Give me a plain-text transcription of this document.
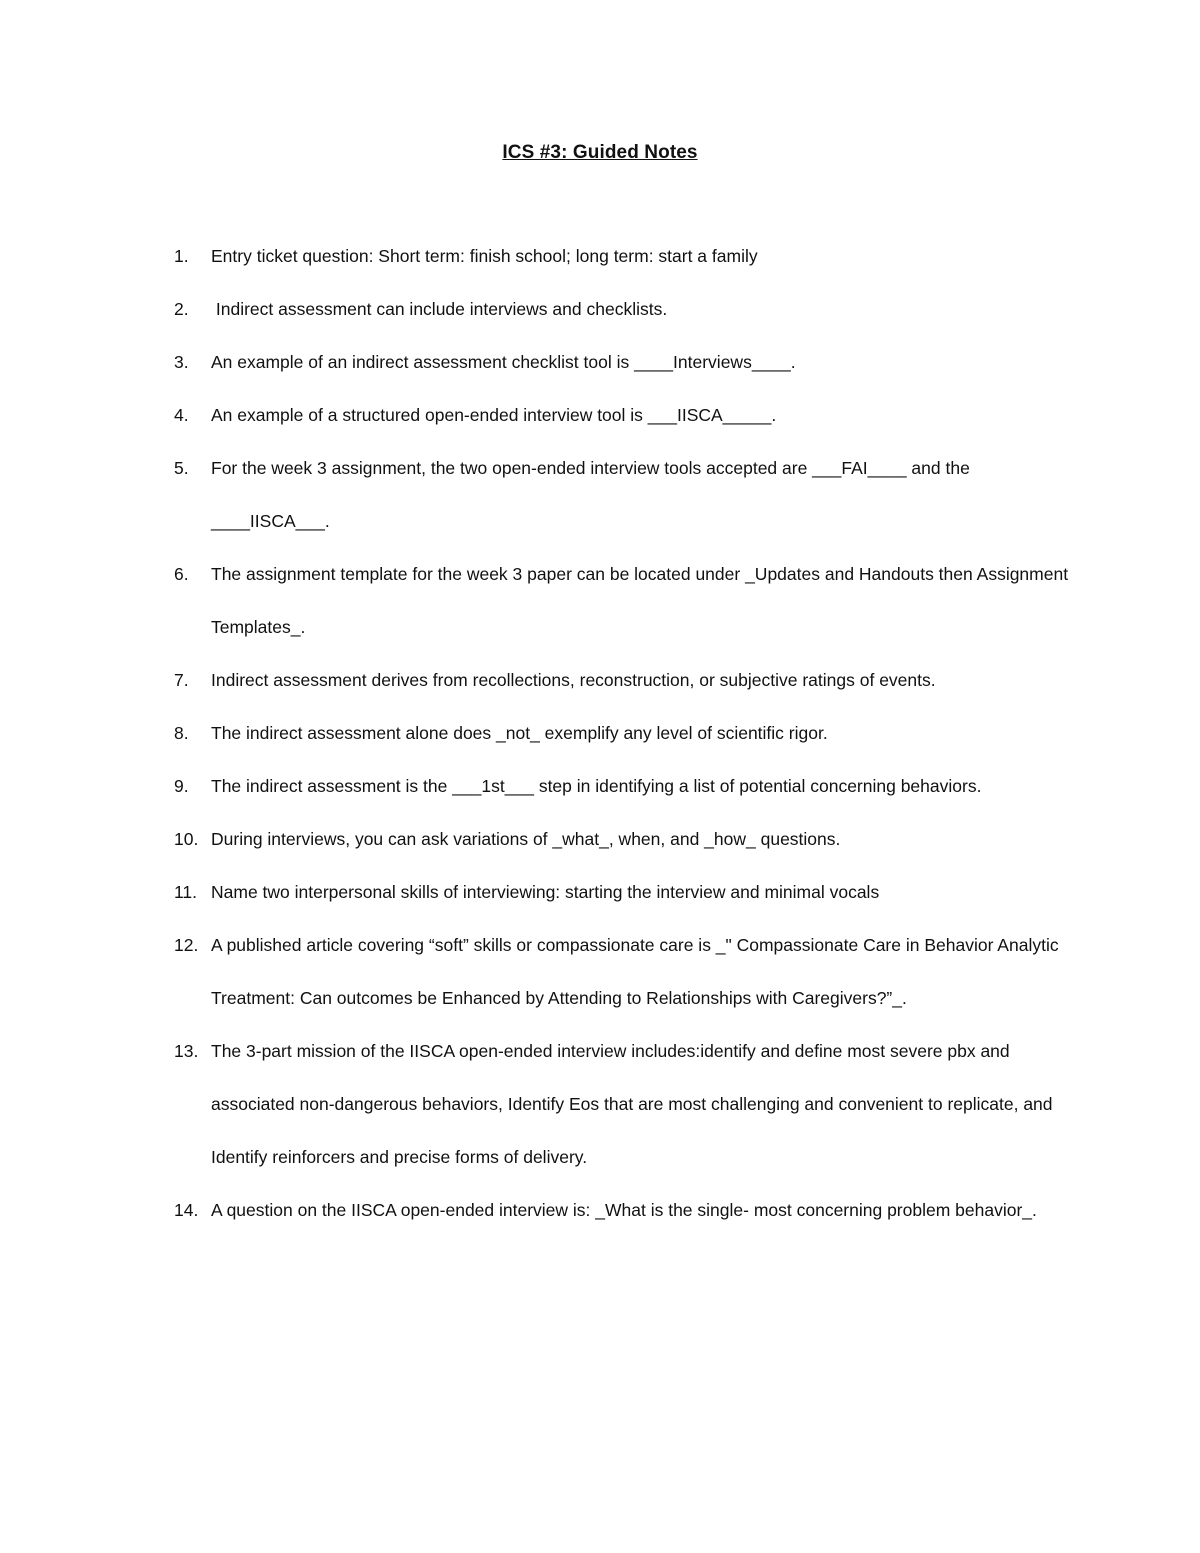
ICS #3: Guided Notes
1. Entry ticket question: Short term: finish school; long term: start a family
2. Indirect assessment can include interviews and checklists.
3. An example of an indirect assessment checklist tool is ____Interviews____.
4. An example of a structured open-ended interview tool is ___IISCA_____.
5. For the week 3 assignment, the two open-ended interview tools accepted are ___FAI____ and the ____IISCA___.
6. The assignment template for the week 3 paper can be located under _Updates and Handouts then Assignment Templates_.
7. Indirect assessment derives from recollections, reconstruction, or subjective ratings of events.
8. The indirect assessment alone does _not_ exemplify any level of scientific rigor.
9. The indirect assessment is the ___1st___ step in identifying a list of potential concerning behaviors.
10. During interviews, you can ask variations of _what_, when, and _how_ questions.
11. Name two interpersonal skills of interviewing: starting the interview and minimal vocals
12. A published article covering “soft” skills or compassionate care is _" Compassionate Care in Behavior Analytic Treatment: Can outcomes be Enhanced by Attending to Relationships with Caregivers?”_.
13. The 3-part mission of the IISCA open-ended interview includes:identify and define most severe pbx and associated non-dangerous behaviors, Identify Eos that are most challenging and convenient to replicate, and Identify reinforcers and precise forms of delivery.
14. A question on the IISCA open-ended interview is: _What is the single- most concerning problem behavior_.
